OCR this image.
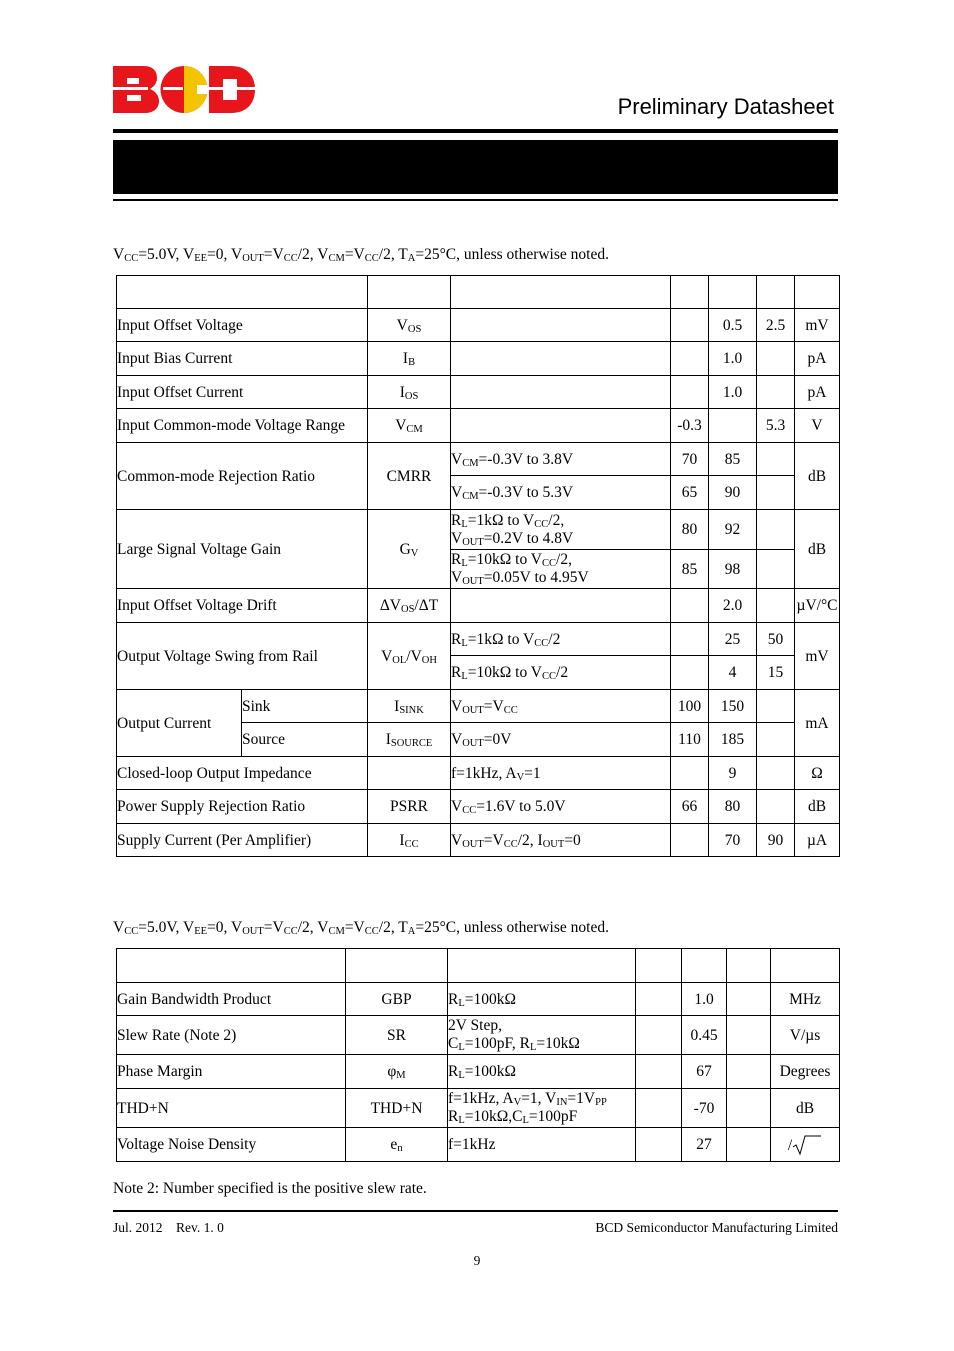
Preliminary Datasheet
$V_{CC}=5.0V$, $V_{EE}=0$, $V_{OUT}=V_{CC}/2$, $V_{CM}=V_{CC}/2$, $T_A=25^\circ C$, unless otherwise noted.

Input Offset Voltage		$V_{OS}$			0.5	2.5	mV
Input Bias Current		$I_B$			1.0		pA
Input Offset Current		$I_{OS}$			1.0		pA
Input Common-mode Voltage Range		$V_{CM}$		-0.3		5.3	V
Common-mode Rejection Ratio		CMRR	$V_{CM}=-0.3V$ to 3.8V	70	85		dB
			$V_{CM}=-0.3V$ to 5.3V	65	90		
Large Signal Voltage Gain		$G_V$	$R_L=1k\Omega$ to $V_{CC}/2$,
$V_{OUT}=0.2V$ to 4.8V	80	92		dB
			$R_L=10k\Omega$ to $V_{CC}/2$,
$V_{OUT}=0.05V$ to 4.95V	85	98		
Input Offset Voltage Drift		$\Delta V_{OS}/\Delta T$			2.0		µV/°C
Output Voltage Swing from Rail		$V_{OL}/V_{OH}$	$R_L=1k\Omega$ to $V_{CC}/2$		25	50	mV
			$R_L=10k\Omega$ to $V_{CC}/2$		4	15	
Output Current	Sink	$I_{SINK}$	$V_{OUT}=V_{CC}$	100	150		mA
	Source	$I_{SOURCE}$	$V_{OUT}=0V$	110	185		
Closed-loop Output Impedance			f=1kHz, $A_V=1$		9		Ω
Power Supply Rejection Ratio		PSRR	$V_{CC}=1.6V$ to 5.0V	66	80		dB
Supply Current (Per Amplifier)		$I_{CC}$	$V_{OUT}=V_{CC}/2$, $I_{OUT}=0$		70	90	µA
$V_{CC}=5.0V$, $V_{EE}=0$, $V_{OUT}=V_{CC}/2$, $V_{CM}=V_{CC}/2$, $T_A=25^\circ C$, unless otherwise noted.

Gain Bandwidth Product	GBP	$R_L=100k\Omega$		1.0		MHz
Slew Rate (Note 2)	SR	2V Step,
$C_L=100pF$, $R_L=10k\Omega$		0.45		V/µs
Phase Margin	$\varphi_M$	$R_L=100k\Omega$		67		Degrees
THD+N	THD+N	f=1kHz, $A_V=1$, $V_{IN}=1V_{PP}$
$R_L=10k\Omega,C_L=100pF$		-70		dB
Voltage Noise Density	$e_n$	f=1kHz		27		/
Note 2: Number specified is the positive slew rate.
Jul. 2012    Rev. 1. 0	BCD Semiconductor Manufacturing Limited
9
